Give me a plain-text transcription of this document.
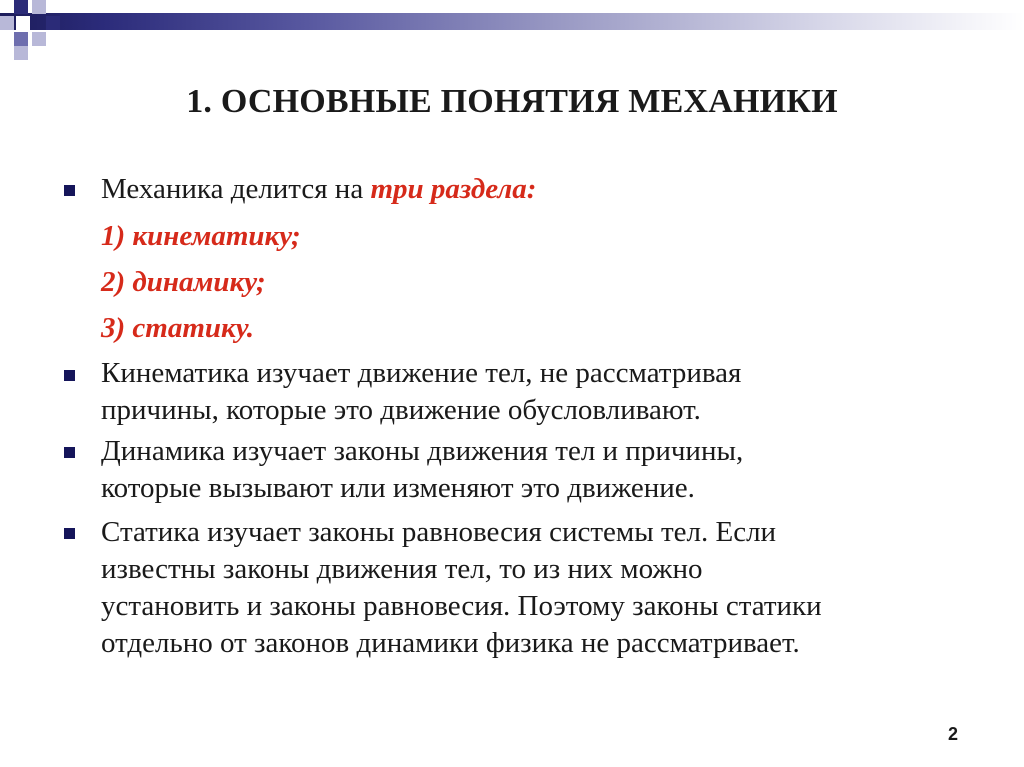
1. ОСНОВНЫЕ ПОНЯТИЯ МЕХАНИКИ
Механика делится на три раздела:
1) кинематику;
2) динамику;
3) статику.
Кинематика изучает движение тел, не рассматривая
причины, которые это движение обусловливают.
Динамика изучает законы движения тел и причины,
которые вызывают или изменяют это движение.
Статика изучает законы равновесия системы тел. Если
известны законы движения тел, то из них можно
установить и законы равновесия. Поэтому законы статики
отдельно от законов динамики физика не рассматривает.
2
